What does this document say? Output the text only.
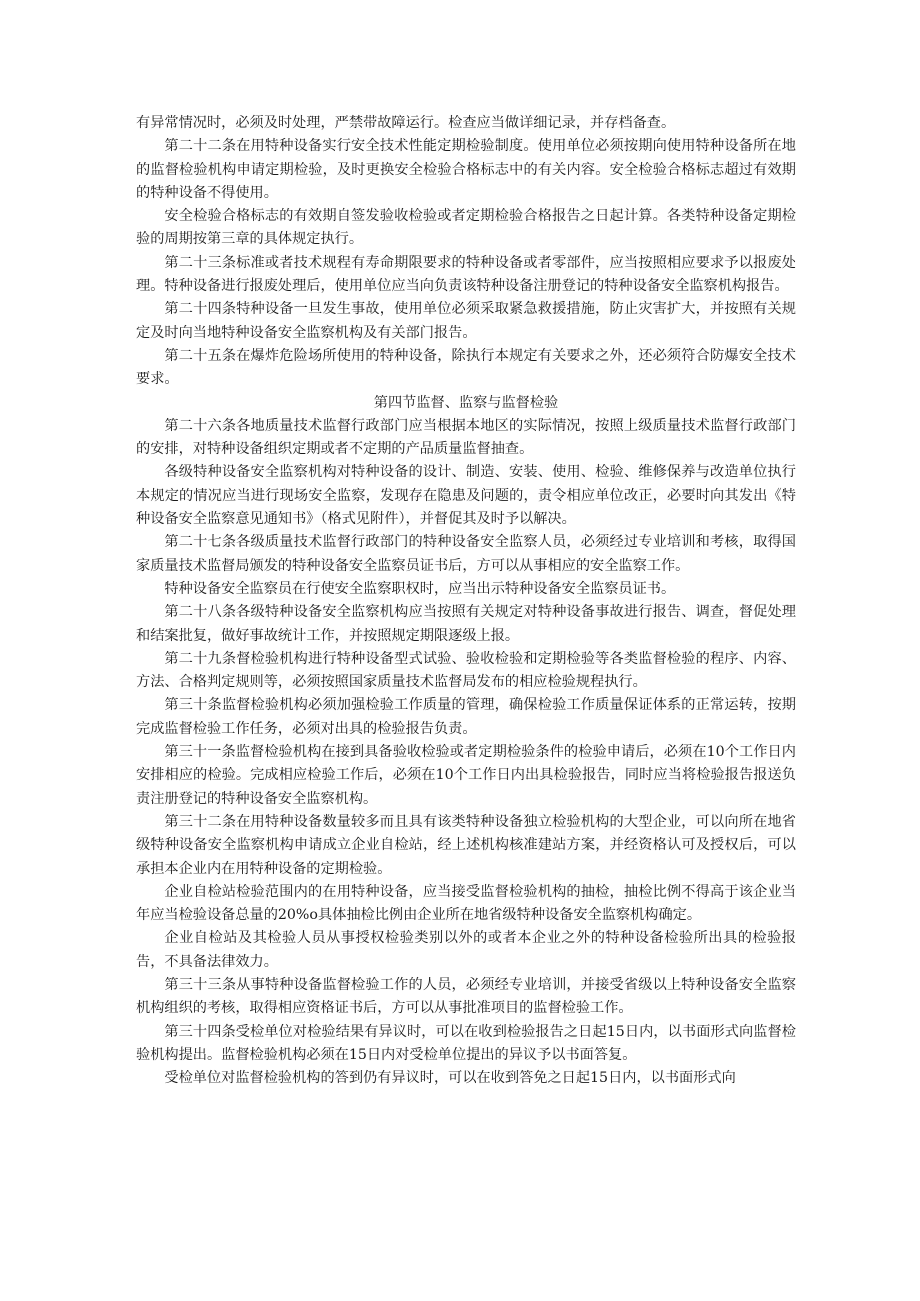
有异常情况时，必须及时处理，严禁带故障运行。检查应当做详细记录，并存档备查。

第二十二条在用特种设备实行安全技术性能定期检验制度。使用单位必须按期向使用特种设备所在地的监督检验机构申请定期检验，及时更换安全检验合格标志中的有关内容。安全检验合格标志超过有效期的特种设备不得使用。

安全检验合格标志的有效期自签发验收检验或者定期检验合格报告之日起计算。各类特种设备定期检验的周期按第三章的具体规定执行。

第二十三条标准或者技术规程有寿命期限要求的特种设备或者零部件，应当按照相应要求予以报废处理。特种设备进行报废处理后，使用单位应当向负责该特种设备注册登记的特种设备安全监察机构报告。

第二十四条特种设备一旦发生事故，使用单位必须采取紧急救援措施，防止灾害扩大，并按照有关规定及时向当地特种设备安全监察机构及有关部门报告。

第二十五条在爆炸危险场所使用的特种设备，除执行本规定有关要求之外，还必须符合防爆安全技术要求。

第四节监督、监察与监督检验

第二十六条各地质量技术监督行政部门应当根据本地区的实际情况，按照上级质量技术监督行政部门的安排，对特种设备组织定期或者不定期的产品质量监督抽查。

各级特种设备安全监察机构对特种设备的设计、制造、安装、使用、检验、维修保养与改造单位执行本规定的情况应当进行现场安全监察，发现存在隐患及问题的，责令相应单位改正，必要时向其发出《特种设备安全监察意见通知书》（格式见附件），并督促其及时予以解决。

第二十七条各级质量技术监督行政部门的特种设备安全监察人员，必须经过专业培训和考核，取得国家质量技术监督局颁发的特种设备安全监察员证书后，方可以从事相应的安全监察工作。

特种设备安全监察员在行使安全监察职权时，应当出示特种设备安全监察员证书。

第二十八条各级特种设备安全监察机构应当按照有关规定对特种设备事故进行报告、调查，督促处理和结案批复，做好事故统计工作，并按照规定期限逐级上报。

第二十九条督检验机构进行特种设备型式试验、验收检验和定期检验等各类监督检验的程序、内容、方法、合格判定规则等，必须按照国家质量技术监督局发布的相应检验规程执行。

第三十条监督检验机构必须加强检验工作质量的管理，确保检验工作质量保证体系的正常运转，按期完成监督检验工作任务，必须对出具的检验报告负责。

第三十一条监督检验机构在接到具备验收检验或者定期检验条件的检验申请后，必须在10个工作日内安排相应的检验。完成相应检验工作后，必须在10个工作日内出具检验报告，同时应当将检验报告报送负责注册登记的特种设备安全监察机构。

第三十二条在用特种设备数量较多而且具有该类特种设备独立检验机构的大型企业，可以向所在地省级特种设备安全监察机构申请成立企业自检站，经上述机构核准建站方案，并经资格认可及授权后，可以承担本企业内在用特种设备的定期检验。

企业自检站检验范围内的在用特种设备，应当接受监督检验机构的抽检，抽检比例不得高于该企业当年应当检验设备总量的20%o具体抽检比例由企业所在地省级特种设备安全监察机构确定。

企业自检站及其检验人员从事授权检验类别以外的或者本企业之外的特种设备检验所出具的检验报告，不具备法律效力。

第三十三条从事特种设备监督检验工作的人员，必须经专业培训，并接受省级以上特种设备安全监察机构组织的考核，取得相应资格证书后，方可以从事批准项目的监督检验工作。

第三十四条受检单位对检验结果有异议时，可以在收到检验报告之日起15日内，以书面形式向监督检验机构提出。监督检验机构必须在15日内对受检单位提出的异议予以书面答复。

受检单位对监督检验机构的答到仍有异议时，可以在收到答免之日起15日内，以书面形式向
